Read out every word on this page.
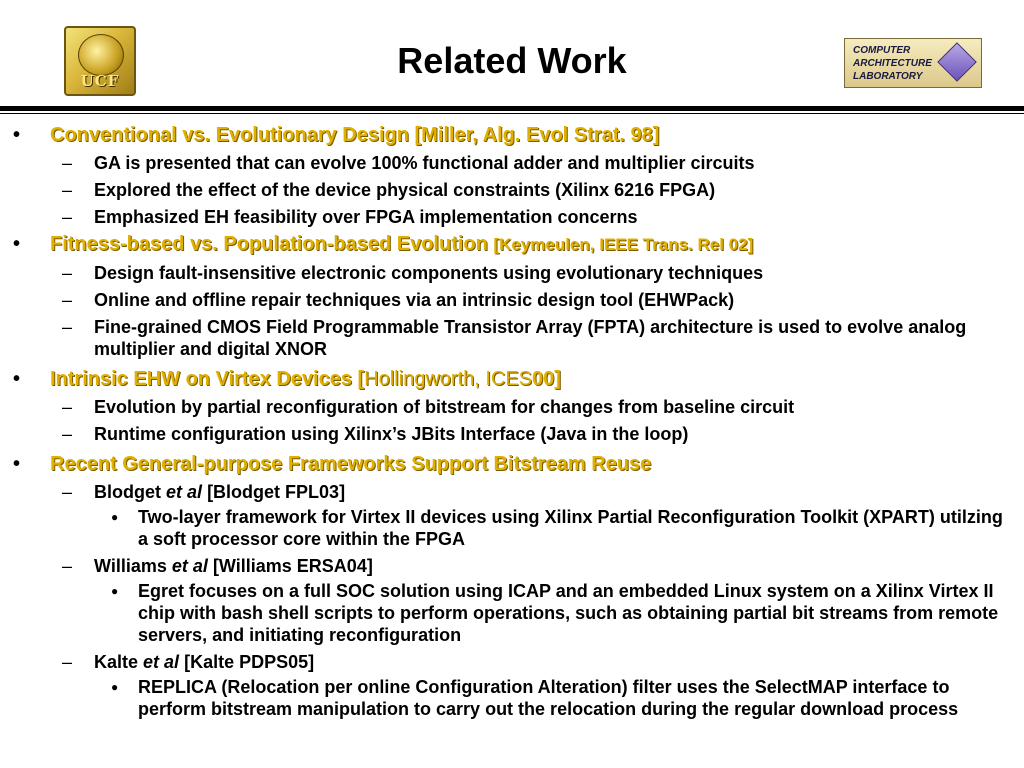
UCF	Related Work	COMPUTER
ARCHITECTURE
LABORATORY
• Conventional vs. Evolutionary Design [Miller, Alg. Evol Strat. 98]
– GA is presented that can evolve 100% functional adder and multiplier circuits
– Explored the effect of the device physical constraints (Xilinx 6216 FPGA)
– Emphasized EH feasibility over FPGA implementation concerns
• Fitness-based vs. Population-based Evolution [Keymeulen, IEEE Trans. Rel 02]
– Design fault-insensitive electronic components using evolutionary techniques
– Online and offline repair techniques via an intrinsic design tool (EHWPack)
– Fine-grained CMOS Field Programmable Transistor Array (FPTA) architecture is used to evolve analog multiplier and digital XNOR
• Intrinsic EHW on Virtex Devices [Hollingworth, ICES00]
– Evolution by partial reconfiguration of bitstream for changes from baseline circuit
– Runtime configuration using Xilinx’s JBits Interface (Java in the loop)
• Recent General-purpose Frameworks Support Bitstream Reuse
– Blodget et al [Blodget FPL03]
● Two-layer framework for Virtex II devices using Xilinx Partial Reconfiguration Toolkit (XPART) utilzing a soft processor core within the FPGA
– Williams et al [Williams ERSA04]
● Egret focuses on a full SOC solution using ICAP and an embedded Linux system on a Xilinx Virtex II chip with bash shell scripts to perform operations, such as obtaining partial bit streams from remote servers, and initiating reconfiguration
– Kalte et al [Kalte PDPS05]
● REPLICA (Relocation per online Configuration Alteration) filter uses the SelectMAP interface to perform bitstream manipulation to carry out the relocation during the regular download process
